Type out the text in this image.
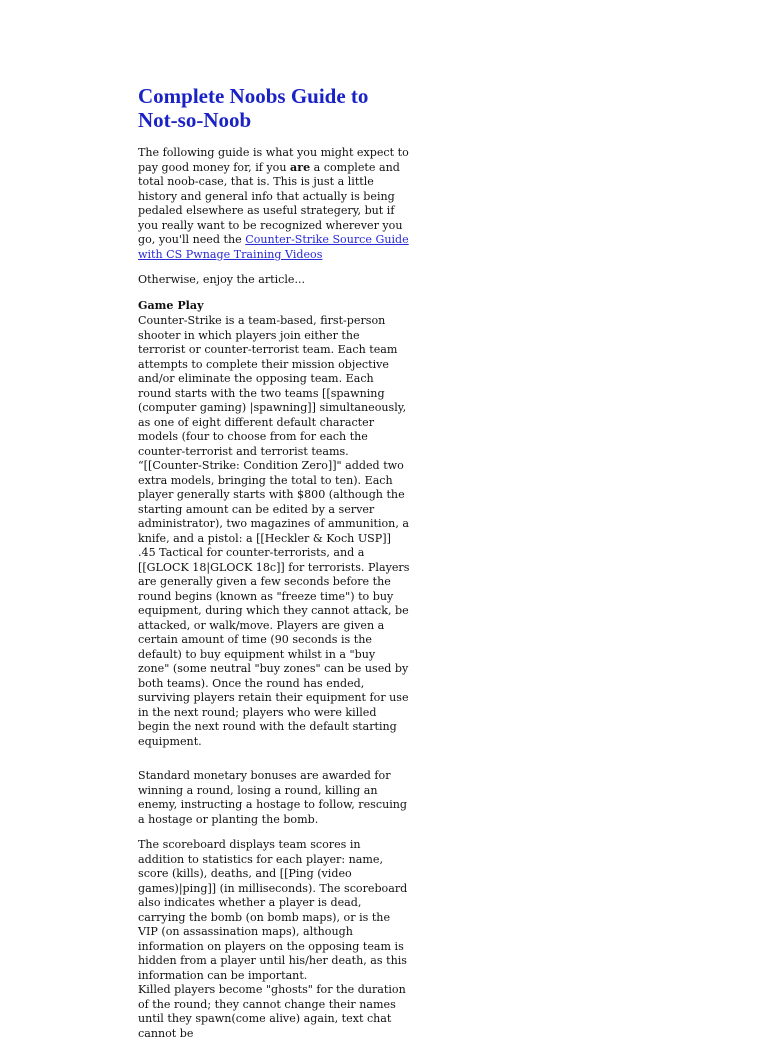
Complete Noobs Guide to Not-so-Noob

The following guide is what you might expect to pay good money for, if you are a complete and total noob-case, that is. This is just a little history and general info that actually is being pedaled elsewhere as useful strategery, but if you really want to be recognized wherever you go, you'll need the Counter-Strike Source Guide with CS Pwnage Training Videos

Otherwise, enjoy the article...

Game Play
Counter-Strike is a team-based, first-person shooter in which players join either the terrorist or counter-terrorist team. Each team attempts to complete their mission objective and/or eliminate the opposing team. Each round starts with the two teams [[spawning (computer gaming) |spawning]] simultaneously, as one of eight different default character models (four to choose from for each the counter-terrorist and terrorist teams. “[[Counter-Strike: Condition Zero]]" added two extra models, bringing the total to ten). Each player generally starts with $800 (although the starting amount can be edited by a server administrator), two magazines of ammunition, a knife, and a pistol: a [[Heckler & Koch USP]] .45 Tactical for counter-terrorists, and a [[GLOCK 18|GLOCK 18c]] for terrorists. Players are generally given a few seconds before the round begins (known as "freeze time") to buy equipment, during which they cannot attack, be attacked, or walk/move. Players are given a certain amount of time (90 seconds is the default) to buy equipment whilst in a "buy zone" (some neutral "buy zones" can be used by both teams). Once the round has ended, surviving players retain their equipment for use in the next round; players who were killed begin the next round with the default starting equipment.

Standard monetary bonuses are awarded for winning a round, losing a round, killing an enemy, instructing a hostage to follow, rescuing a hostage or planting the bomb.

The scoreboard displays team scores in addition to statistics for each player: name, score (kills), deaths, and [[Ping (video games)|ping]] (in milliseconds). The scoreboard also indicates whether a player is dead, carrying the bomb (on bomb maps), or is the VIP (on assassination maps), although information on players on the opposing team is hidden from a player until his/her death, as this information can be important.

Killed players become "ghosts" for the duration of the round; they cannot change their names until they spawn(come alive) again, text chat cannot be
